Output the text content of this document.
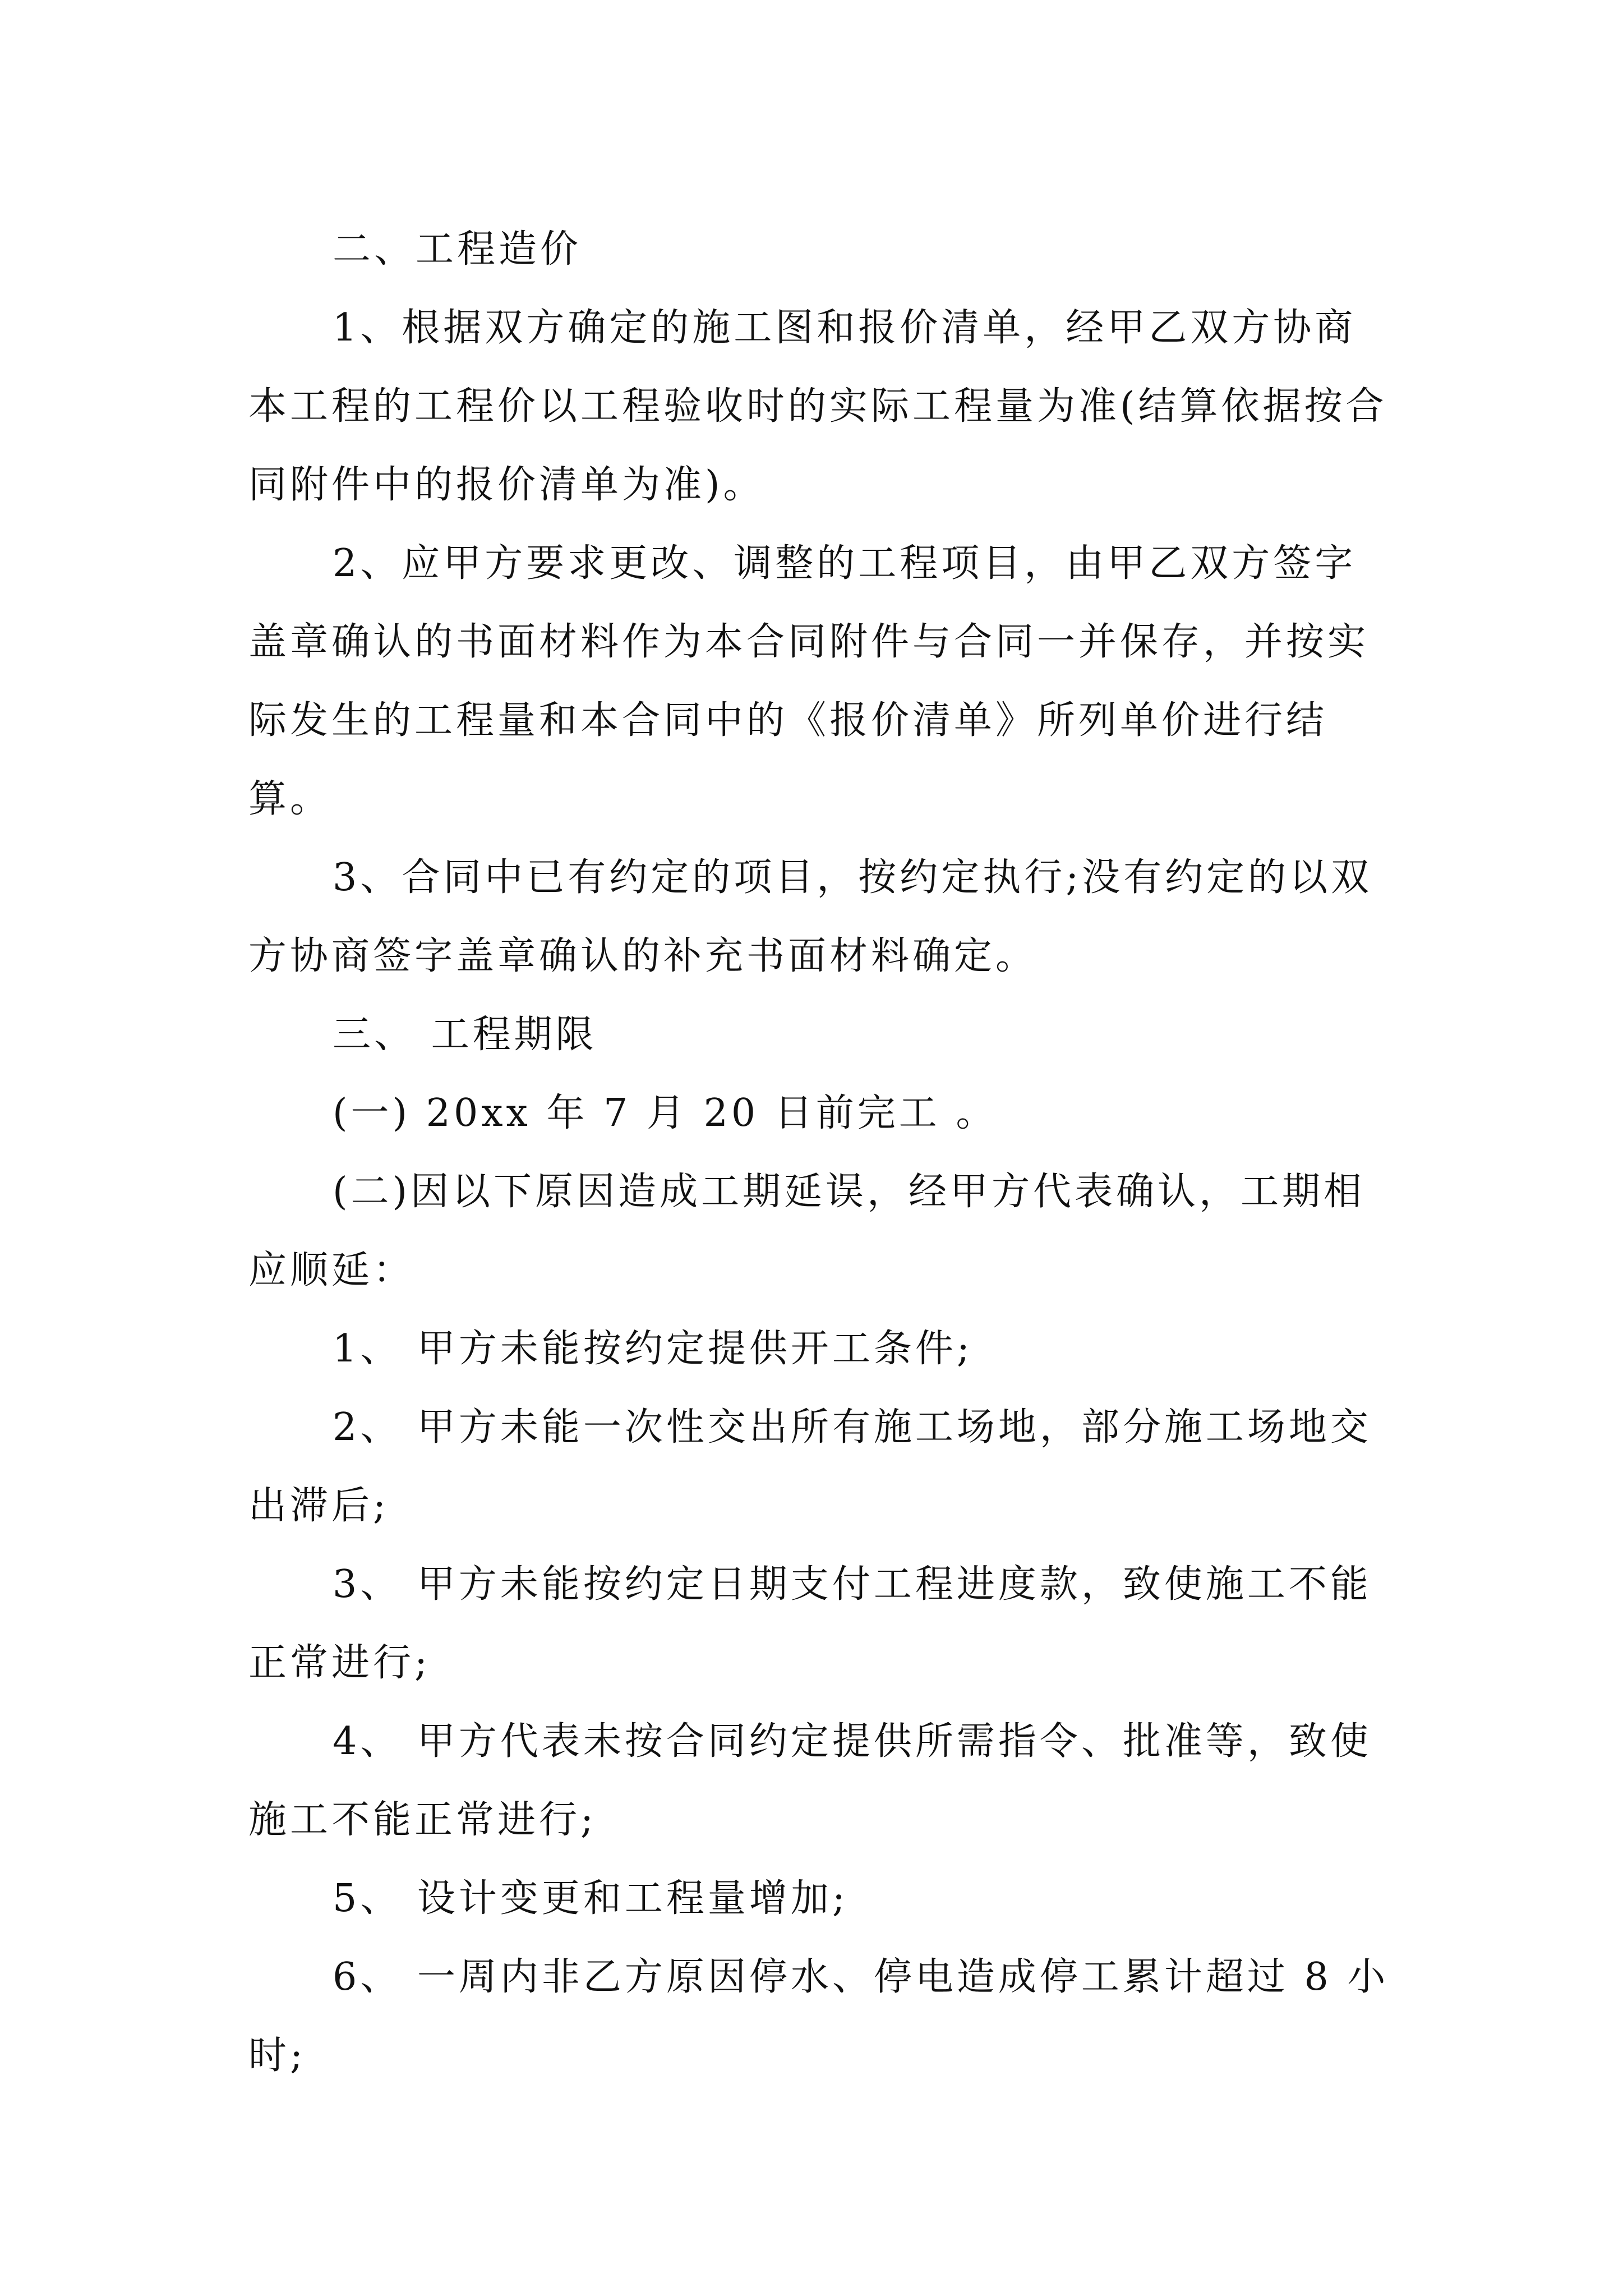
二、工程造价

1、根据双方确定的施工图和报价清单，经甲乙双方协商本工程的工程价以工程验收时的实际工程量为准(结算依据按合同附件中的报价清单为准)。

2、应甲方要求更改、调整的工程项目，由甲乙双方签字盖章确认的书面材料作为本合同附件与合同一并保存，并按实际发生的工程量和本合同中的《报价清单》所列单价进行结算。

3、合同中已有约定的项目，按约定执行;没有约定的以双方协商签字盖章确认的补充书面材料确定。

三、 工程期限

(一) 20xx 年 7 月 20 日前完工 。

(二)因以下原因造成工期延误，经甲方代表确认，工期相应顺延：

1、 甲方未能按约定提供开工条件;

2、 甲方未能一次性交出所有施工场地，部分施工场地交出滞后;

3、 甲方未能按约定日期支付工程进度款，致使施工不能正常进行;

4、 甲方代表未按合同约定提供所需指令、批准等，致使施工不能正常进行;

5、 设计变更和工程量增加;

6、 一周内非乙方原因停水、停电造成停工累计超过 8 小时;
